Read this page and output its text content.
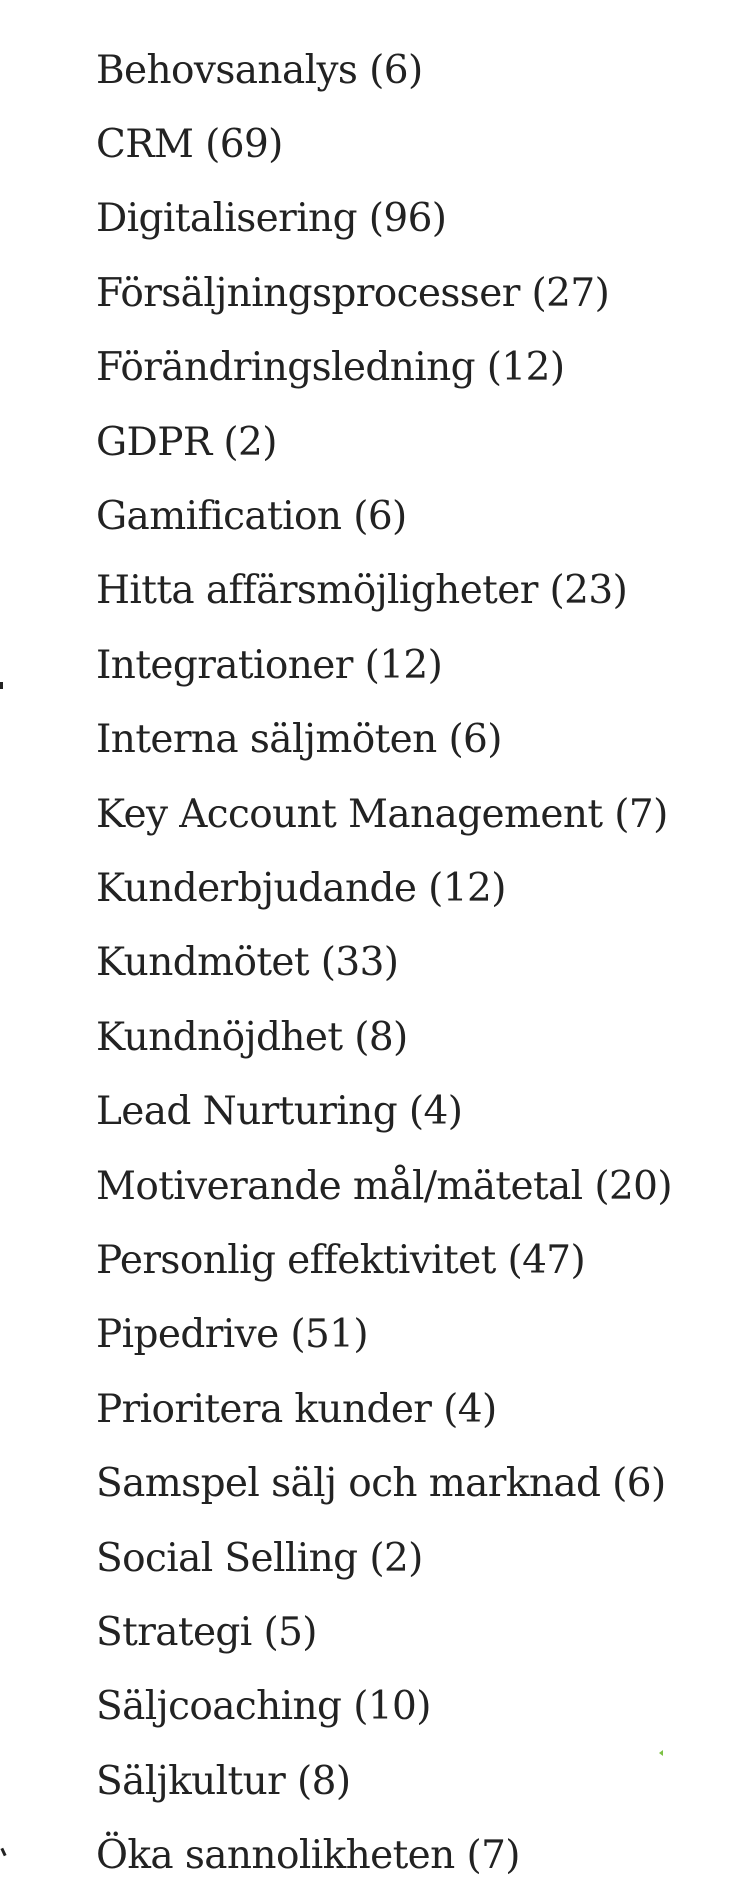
Behovsanalys (6)
CRM (69)
Digitalisering (96)
Försäljningsprocesser (27)
Förändringsledning (12)
GDPR (2)
Gamification (6)
Hitta affärsmöjligheter (23)
Integrationer (12)
Interna säljmöten (6)
Key Account Management (7)
Kunderbjudande (12)
Kundmötet (33)
Kundnöjdhet (8)
Lead Nurturing (4)
Motiverande mål/mätetal (20)
Personlig effektivitet (47)
Pipedrive (51)
Prioritera kunder (4)
Samspel sälj och marknad (6)
Social Selling (2)
Strategi (5)
Säljcoaching (10)
Säljkultur (8)
Öka sannolikheten (7)
